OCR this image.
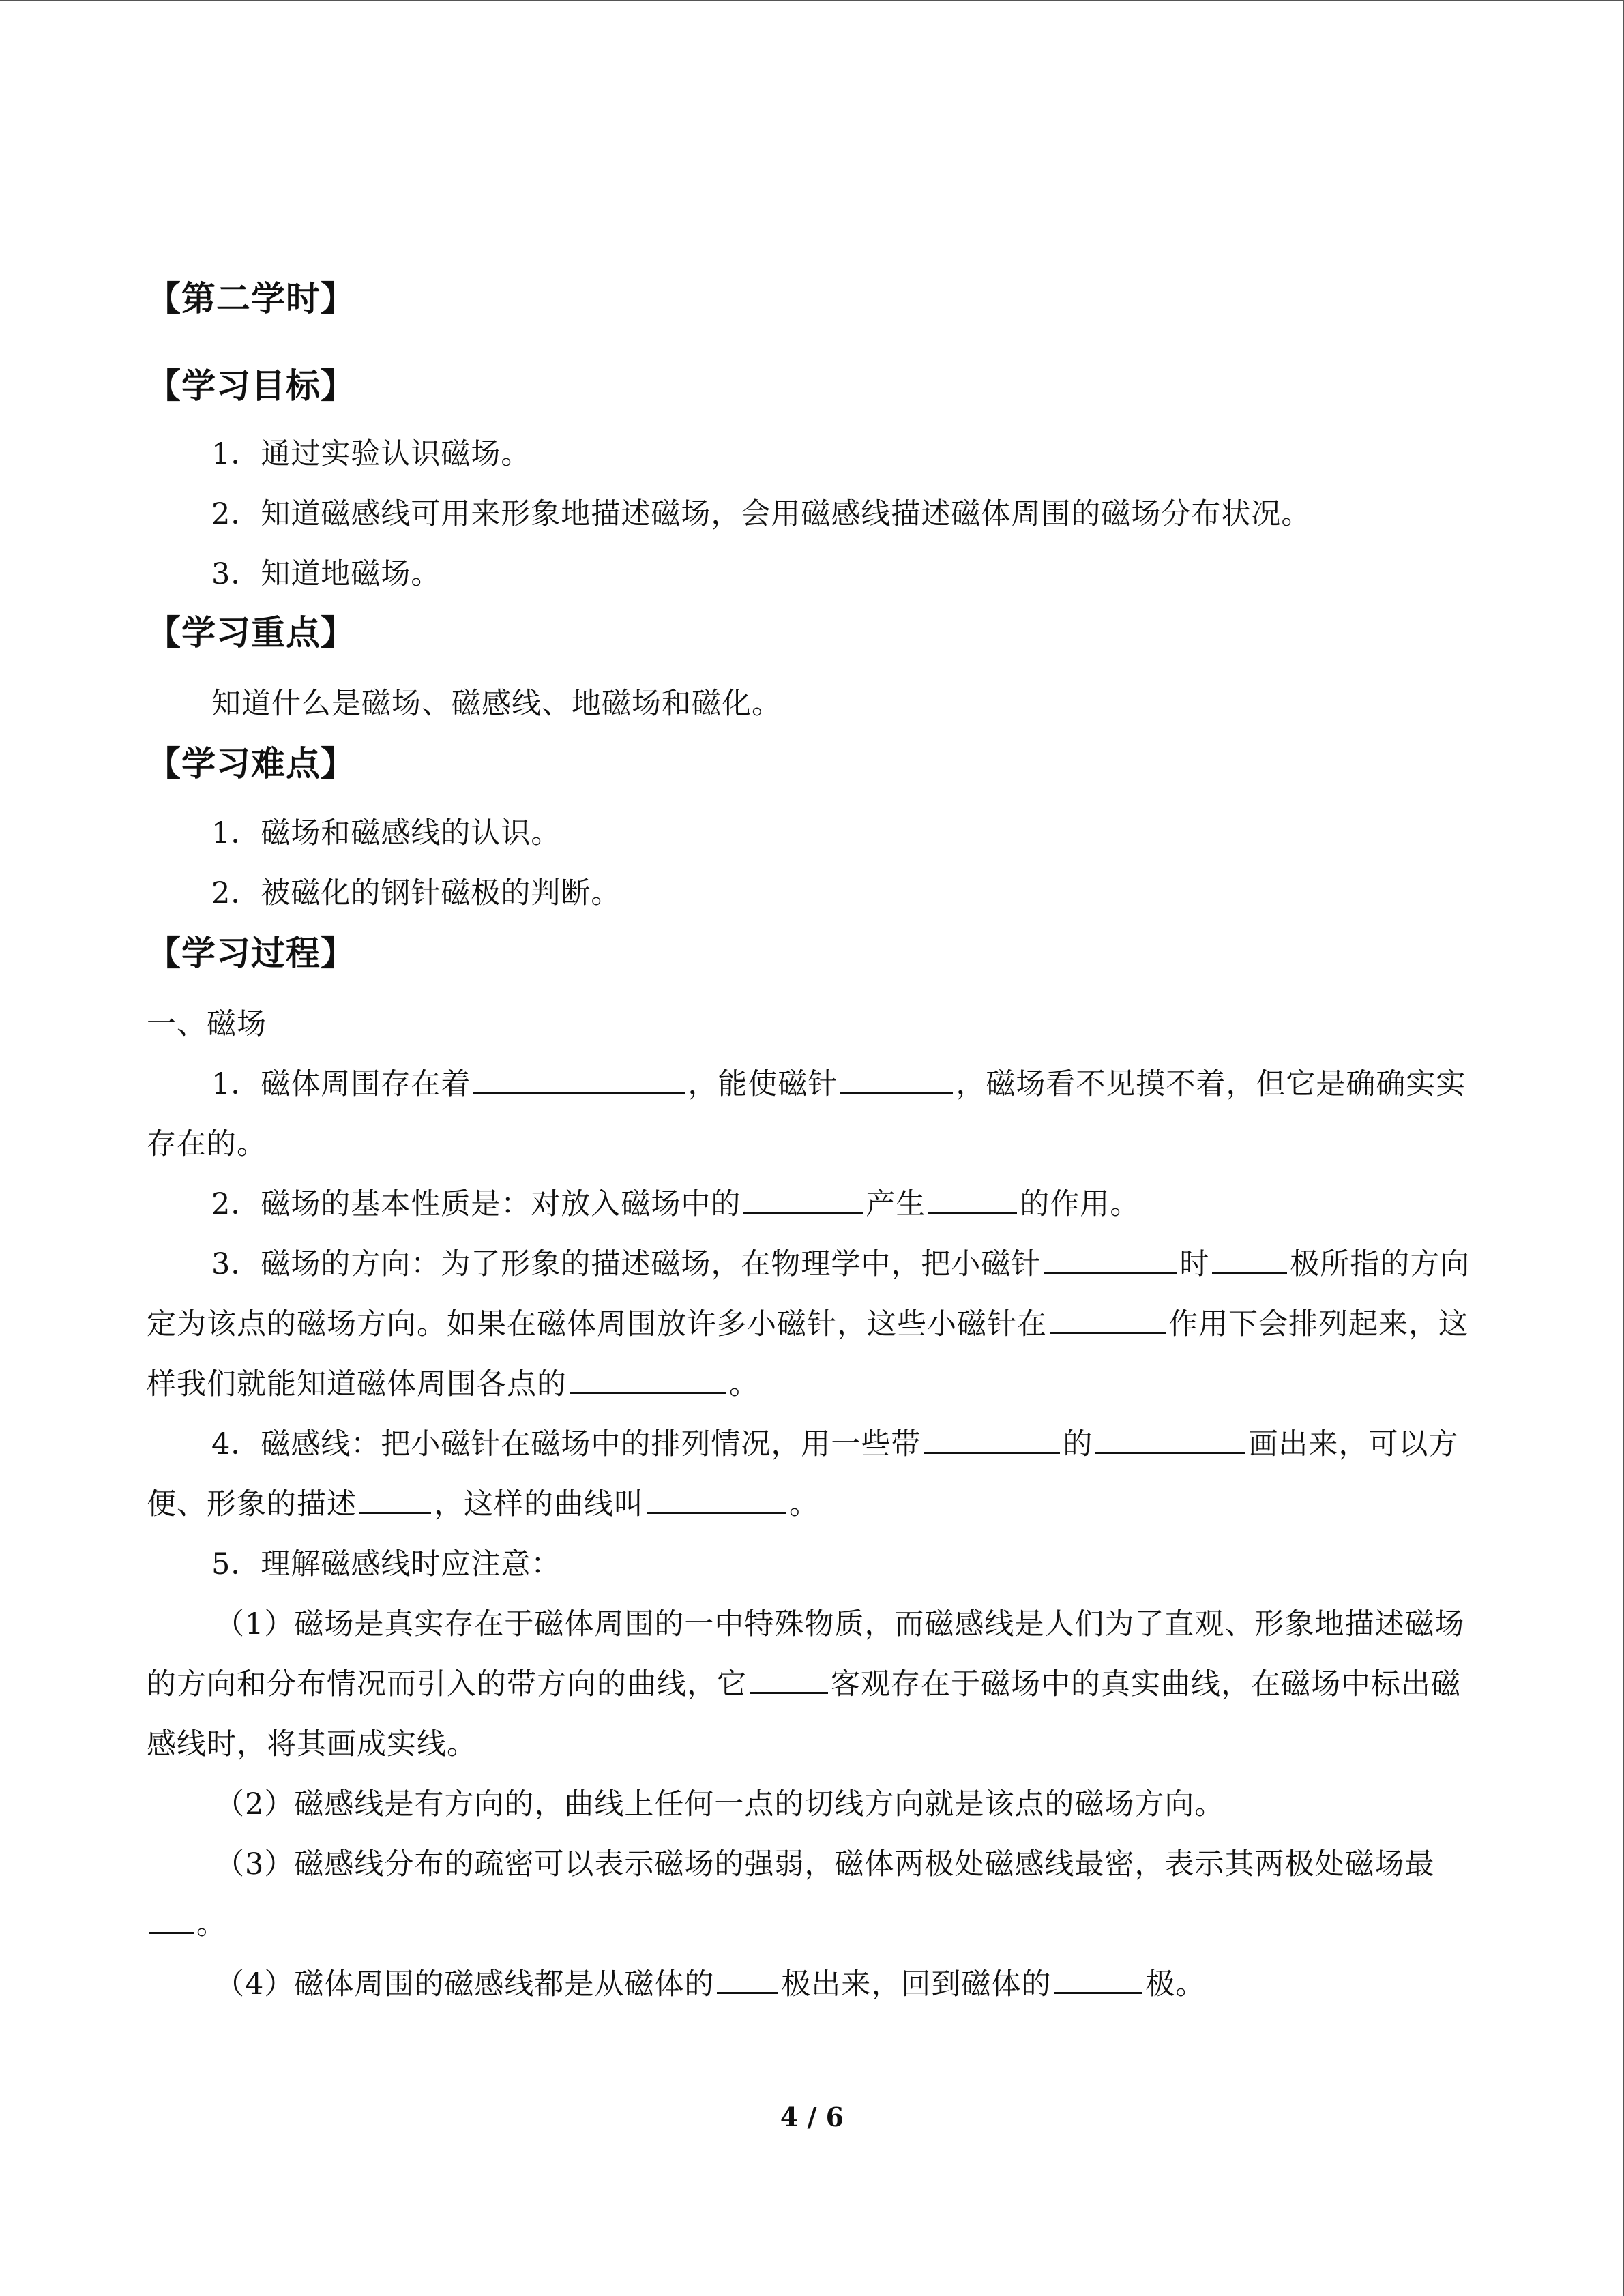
【第二学时】
【学习目标】

1．通过实验认识磁场。

2．知道磁感线可用来形象地描述磁场，会用磁感线描述磁体周围的磁场分布状况。

3．知道地磁场。

【学习重点】

知道什么是磁场、磁感线、地磁场和磁化。

【学习难点】

1．磁场和磁感线的认识。

2．被磁化的钢针磁极的判断。

【学习过程】

一、磁场

1．磁体周围存在着	，能使磁针	，磁场看不见摸不着，但它是确确实实存在的。

2．磁场的基本性质是：对放入磁场中的	产生	的作用。

3．磁场的方向：为了形象的描述磁场，在物理学中，把小磁针	时	极所指的方向定为该点的磁场方向。如果在磁体周围放许多小磁针，这些小磁针在	作用下会排列起来，这样我们就能知道磁体周围各点的	。

4．磁感线：把小磁针在磁场中的排列情况，用一些带	的	画出来，可以方便、形象的描述	，这样的曲线叫	。

5．理解磁感线时应注意：

（1）磁场是真实存在于磁体周围的一中特殊物质，而磁感线是人们为了直观、形象地描述磁场的方向和分布情况而引入的带方向的曲线，它	客观存在于磁场中的真实曲线，在磁场中标出磁感线时，将其画成实线。

（2）磁感线是有方向的，曲线上任何一点的切线方向就是该点的磁场方向。

（3）磁感线分布的疏密可以表示磁场的强弱，磁体两极处磁感线最密，表示其两极处磁场最。

（4）磁体周围的磁感线都是从磁体的 极出来，回到磁体的	极。

4 / 6
